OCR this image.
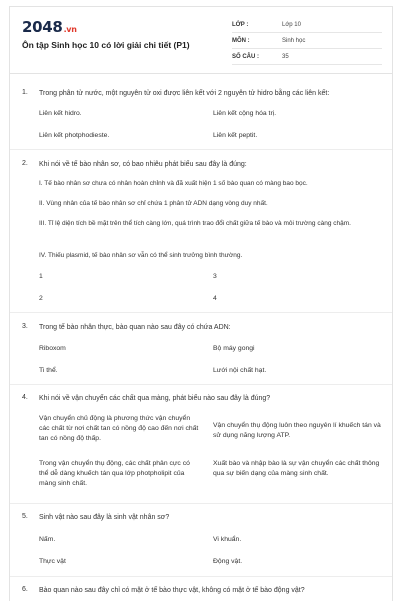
2048.vn
Ôn tập Sinh học 10 có lời giải chi tiết (P1)
LỚP :	Lớp 10
MÔN :	Sinh học
SỐ CÂU :	35
1. Trong phân tử nước, một nguyên tử oxi được liên kết với 2 nguyên tử hidro bằng các liên kết:
Liên kết hidro.	Liên kết cộng hóa trị.
Liên kết photphodieste.	Liên kết peptit.
2. Khi nói về tế bào nhân sơ, có bao nhiêu phát biểu sau đây là đúng:
I. Tế bào nhân sơ chưa có nhân hoàn chỉnh và đã xuất hiện 1 số bào quan có màng bao bọc.
II. Vùng nhân của tế bào nhân sơ chỉ chứa 1 phân tử ADN dạng vòng duy nhất.
III. Tỉ lệ diện tích bề mặt trên thể tích càng lớn, quá trình trao đổi chất giữa tế bào và môi trường càng chậm.
IV. Thiếu plasmid, tế bào nhân sơ vẫn có thể sinh trưởng bình thường.
1	3
2	4
3. Trong tế bào nhân thực, bào quan nào sau đây có chứa ADN:
Riboxom	Bộ máy gongi
Ti thể.	Lưới nội chất hạt.
4. Khi nói về vận chuyển các chất qua màng, phát biểu nào sau đây là đúng?
Vận chuyển chủ động là phương thức vận chuyển các chất từ nơi chất tan có nồng độ cao đến nơi chất tan có nồng độ thấp.
Vận chuyển thụ động luôn theo nguyên lí khuếch tán và sử dụng năng lượng ATP.
Trong vận chuyển thụ động, các chất phân cực có thể dễ dàng khuếch tán qua lớp photpholipit của màng sinh chất.
Xuất bào và nhập bào là sự vận chuyển các chất thông qua sự biến dạng của màng sinh chất.
5. Sinh vật nào sau đây là sinh vật nhân sơ?
Nấm.	Vi khuẩn.
Thực vật	Động vật.
6. Bào quan nào sau đây chỉ có mặt ở tế bào thực vật, không có mặt ở tế bào động vật?
